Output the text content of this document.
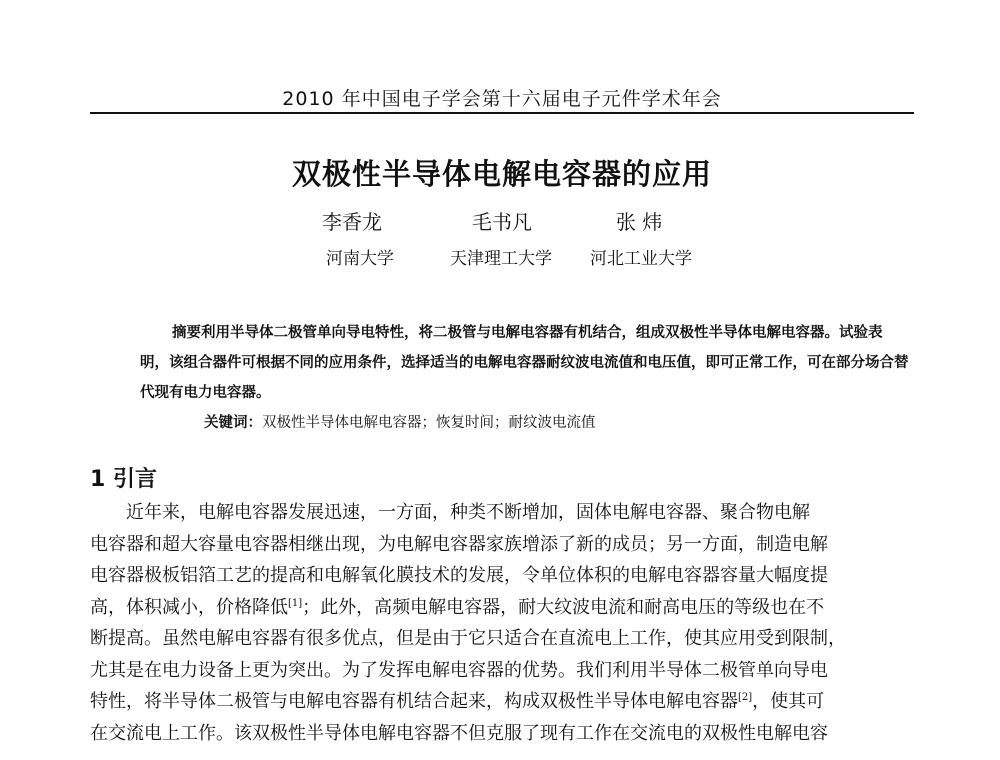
2010 年中国电子学会第十六届电子元件学术年会
双极性半导体电解电容器的应用
李香龙	毛书凡	张 炜
河南大学	天津理工大学 河北工业大学

摘要利用半导体二极管单向导电特性，将二极管与电解电容器有机结合，组成双极性半导体电解电容器。试验表明，该组合器件可根据不同的应用条件，选择适当的电解电容器耐纹波电流值和电压值，即可正常工作，可在部分场合替代现有电力电容器。

关键词：双极性半导体电解电容器；恢复时间；耐纹波电流值

1 引言
近年来，电解电容器发展迅速，一方面，种类不断增加，固体电解电容器、聚合物电解
电容器和超大容量电容器相继出现，为电解电容器家族增添了新的成员；另一方面，制造电解
电容器极板铝箔工艺的提高和电解氧化膜技术的发展，令单位体积的电解电容器容量大幅度提
高，体积减小，价格降低[1]；此外，高频电解电容器，耐大纹波电流和耐高电压的等级也在不
断提高。虽然电解电容器有很多优点，但是由于它只适合在直流电上工作，使其应用受到限制，
尤其是在电力设备上更为突出。为了发挥电解电容器的优势。我们利用半导体二极管单向导电
特性，将半导体二极管与电解电容器有机结合起来，构成双极性半导体电解电容器[2]，使其可
在交流电上工作。该双极性半导体电解电容器不但克服了现有工作在交流电的双极性电解电容
